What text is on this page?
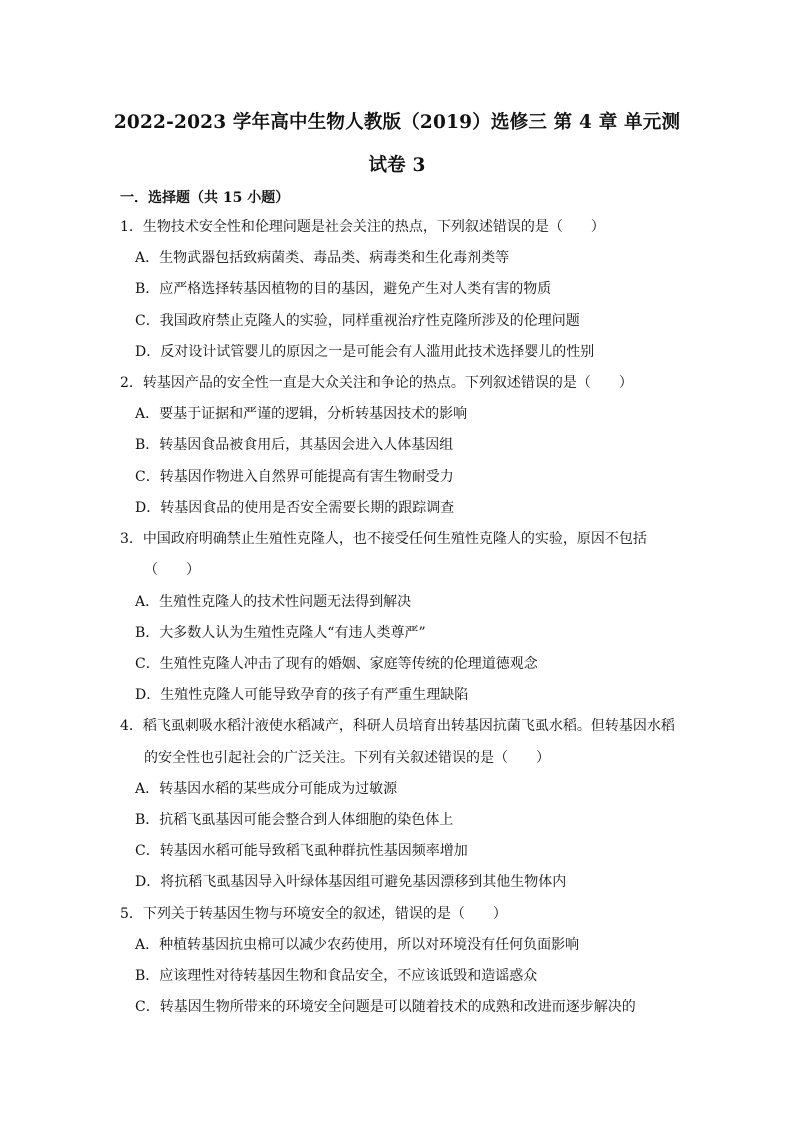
2022-2023 学年高中生物人教版（2019）选修三 第 4 章 单元测
试卷 3
一．选择题（共 15 小题）
1．生物技术安全性和伦理问题是社会关注的热点，下列叙述错误的是（　　）
A．生物武器包括致病菌类、毒品类、病毒类和生化毒剂类等
B．应严格选择转基因植物的目的基因，避免产生对人类有害的物质
C．我国政府禁止克隆人的实验，同样重视治疗性克隆所涉及的伦理问题
D．反对设计试管婴儿的原因之一是可能会有人滥用此技术选择婴儿的性别
2．转基因产品的安全性一直是大众关注和争论的热点。下列叙述错误的是（　　）
A．要基于证据和严谨的逻辑，分析转基因技术的影响
B．转基因食品被食用后，其基因会进入人体基因组
C．转基因作物进入自然界可能提高有害生物耐受力
D．转基因食品的使用是否安全需要长期的跟踪调查
3．中国政府明确禁止生殖性克隆人，也不接受任何生殖性克隆人的实验，原因不包括
（　　）
A．生殖性克隆人的技术性问题无法得到解决
B．大多数人认为生殖性克隆人“有违人类尊严”
C．生殖性克隆人冲击了现有的婚姻、家庭等传统的伦理道德观念
D．生殖性克隆人可能导致孕育的孩子有严重生理缺陷
4．稻飞虱刺吸水稻汁液使水稻减产，科研人员培育出转基因抗菌飞虱水稻。但转基因水稻
的安全性也引起社会的广泛关注。下列有关叙述错误的是（　　）
A．转基因水稻的某些成分可能成为过敏源
B．抗稻飞虱基因可能会整合到人体细胞的染色体上
C．转基因水稻可能导致稻飞虱种群抗性基因频率增加
D．将抗稻飞虱基因导入叶绿体基因组可避免基因漂移到其他生物体内
5．下列关于转基因生物与环境安全的叙述，错误的是（　　）
A．种植转基因抗虫棉可以减少农药使用，所以对环境没有任何负面影响
B．应该理性对待转基因生物和食品安全，不应该诋毁和造谣惑众
C．转基因生物所带来的环境安全问题是可以随着技术的成熟和改进而逐步解决的
